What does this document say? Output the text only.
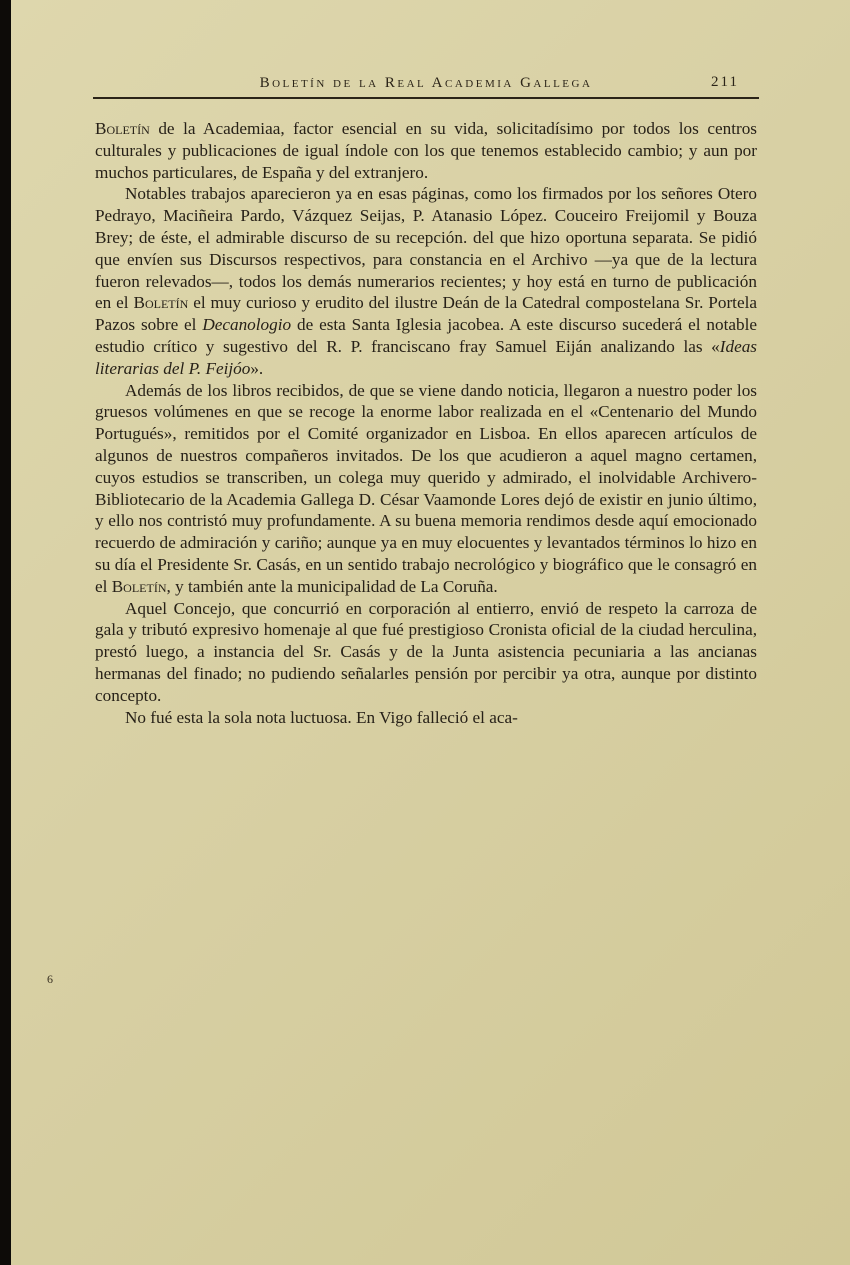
Boletín de la Real Academia Gallega	211

Boletín de la Academiaa, factor esencial en su vida, solicitadísimo por todos los centros culturales y publicaciones de igual índole con los que tenemos establecido cambio; y aun por muchos particulares, de España y del extranjero.

Notables trabajos aparecieron ya en esas páginas, como los firmados por los señores Otero Pedrayo, Maciñeira Pardo, Vázquez Seijas, P. Atanasio López. Couceiro Freijomil y Bouza Brey; de éste, el admirable discurso de su recepción. del que hizo oportuna separata. Se pidió que envíen sus Discursos respectivos, para constancia en el Archivo —ya que de la lectura fueron relevados—, todos los demás numerarios recientes; y hoy está en turno de publicación en el Boletín el muy curioso y erudito del ilustre Deán de la Catedral compostelana Sr. Portela Pazos sobre el Decanologio de esta Santa Iglesia jacobea. A este discurso sucederá el notable estudio crítico y sugestivo del R. P. franciscano fray Samuel Eiján analizando las «Ideas literarias del P. Feijóo».

Además de los libros recibidos, de que se viene dando noticia, llegaron a nuestro poder los gruesos volúmenes en que se recoge la enorme labor realizada en el «Centenario del Mundo Portugués», remitidos por el Comité organizador en Lisboa. En ellos aparecen artículos de algunos de nuestros compañeros invitados. De los que acudieron a aquel magno certamen, cuyos estudios se transcriben, un colega muy querido y admirado, el inolvidable Archivero-Bibliotecario de la Academia Gallega D. César Vaamonde Lores dejó de existir en junio último, y ello nos contristó muy profundamente. A su buena memoria rendimos desde aquí emocionado recuerdo de admiración y cariño; aunque ya en muy elocuentes y levantados términos lo hizo en su día el Presidente Sr. Casás, en un sentido trabajo necrológico y biográfico que le consagró en el Boletín, y también ante la municipalidad de La Coruña.

Aquel Concejo, que concurrió en corporación al entierro, envió de respeto la carroza de gala y tributó expresivo homenaje al que fué prestigioso Cronista oficial de la ciudad herculina, prestó luego, a instancia del Sr. Casás y de la Junta asistencia pecuniaria a las ancianas hermanas del finado; no pudiendo señalarles pensión por percibir ya otra, aunque por distinto concepto.

No fué esta la sola nota luctuosa. En Vigo falleció el aca-

6
